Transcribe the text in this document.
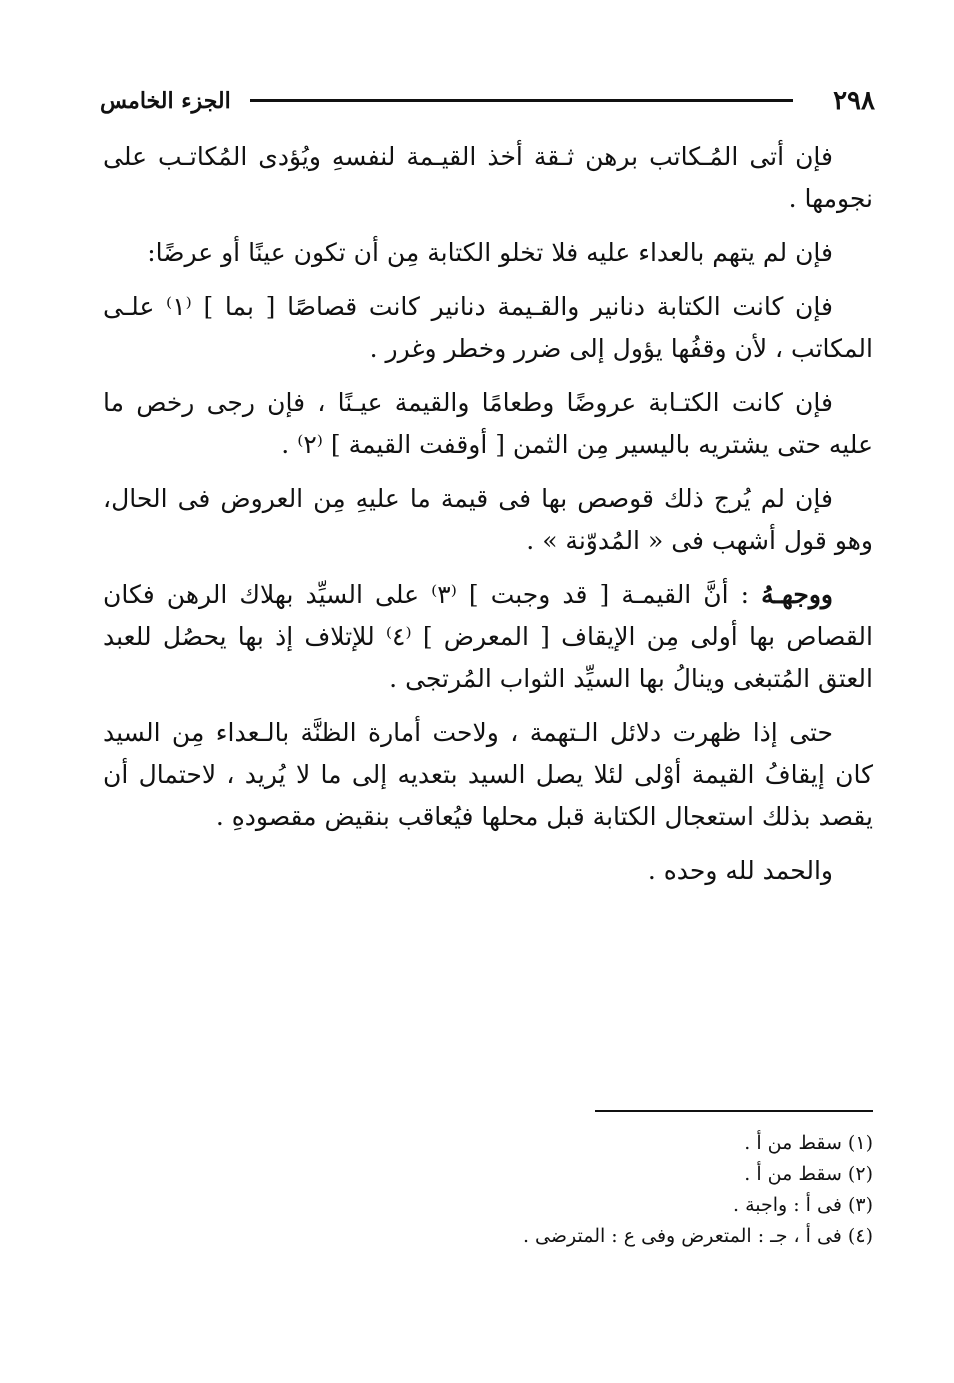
٢٩٨
الجزء الخامس

فإن أتى المُـكاتب برهن ثـقة أخذ القيـمة لنفسهِ ويُؤدى المُكاتـب على نجومها .

فإن لم يتهم بالعداء عليه فلا تخلو الكتابة مِن أن تكون عينًا أو عرضًا:

فإن كانت الكتابة دنانير والقـيمة دنانير كانت قصاصًا [ بما ] ⁽١⁾ علـى المكاتب ، لأن وقفُها يؤول إلى ضرر وخطر وغرر .

فإن كانت الكتـابة عروضًا وطعامًا والقيمة عيـنًا ، فإن رجى رخص ما عليه حتى يشتريه باليسير مِن الثمن [ أوقفت القيمة ] ⁽٢⁾ .

فإن لم يُرج ذلك قوصص بها فى قيمة ما عليهِ مِن العروض فى الحال، وهو قول أشهب فى « المُدوّنة » .

ووجهـهُ : أنَّ القيمـة [ قد وجبت ] ⁽٣⁾ على السيِّد بهلاك الرهن فكان القصاص بها أولى مِن الإيقاف [ المعرض ] ⁽٤⁾ للإتلاف إذ بها يحصُل للعبد العتق المُتبغى وينالُ بها السيِّد الثواب المُرتجى .

حتى إذا ظهرت دلائل الـتهمة ، ولاحت أمارة الظنَّة بالـعداء مِن السيد كان إيقافُ القيمة أوْلى لئلا يصل السيد بتعديه إلى ما لا يُريد ، لاحتمال أن يقصد بذلك استعجال الكتابة قبل محلها فيُعاقب بنقيض مقصودهِ .

والحمد لله وحده .

(١) سقط من أ .

(٢) سقط من أ .

(٣) فى أ : واجبة .

(٤) فى أ ، جـ : المتعرض وفى ع : المترضى .
